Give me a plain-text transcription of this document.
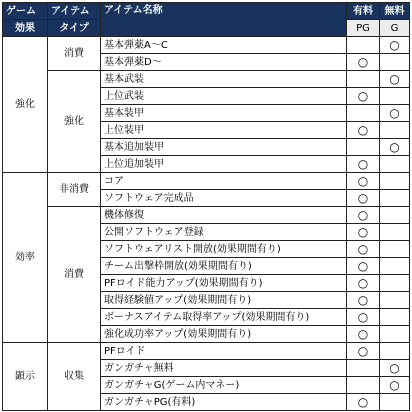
ゲーム	アイテム	アイテム名称	有料	無料
効果	タイプ		PG	G
強化	消費	基本弾薬A〜C		○
		基本弾薬D〜	○	
	強化	基本武装		○
		上位武装	○	
		基本装甲		○
		上位装甲	○	
		基本追加装甲		○
		上位追加装甲	○	
効率	非消費	コア	○	
		ソフトウェア完成品	○	
	消費	機体修復	○	
		公開ソフトウェア登録	○	
		ソフトウェアリスト開放(効果期間有り)	○	
		チーム出撃枠開放(効果期間有り)	○	
		PFロイド能力アップ(効果期間有り)	○	
		取得経験値アップ(効果期間有り)	○	
		ボーナスアイテム取得率アップ(効果期間有り)	○	
		強化成功率アップ(効果期間有り)	○	
顕示	収集	PFロイド	○	
		ガンガチャ無料		○
		ガンガチャG(ゲーム内マネー)		○
		ガンガチャPG(有料)	○	
